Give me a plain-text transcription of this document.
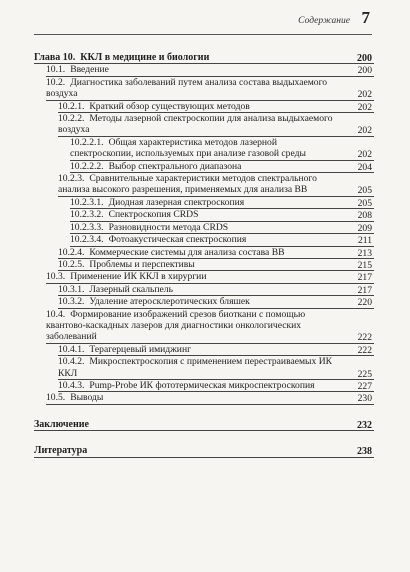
Содержание 7
Глава 10. ККЛ в медицине и биологии	200
10.1. Введение	200
10.2. Диагностика заболеваний путем анализа состава выдыхаемого воздуха	202
10.2.1. Краткий обзор существующих методов	202
10.2.2. Методы лазерной спектроскопии для анализа выдыхаемого воздуха	202
10.2.2.1. Общая характеристика методов лазерной спектроскопии, используемых при анализе газовой среды	202
10.2.2.2. Выбор спектрального диапазона	204
10.2.3. Сравнительные характеристики методов спектрального анализа высокого разрешения, применяемых для анализа ВВ	205
10.2.3.1. Диодная лазерная спектроскопия	205
10.2.3.2. Спектроскопия CRDS	208
10.2.3.3. Разновидности метода CRDS	209
10.2.3.4. Фотоакустическая спектроскопия	211
10.2.4. Коммерческие системы для анализа состава ВВ	213
10.2.5. Проблемы и перспективы	215
10.3. Применение ИК ККЛ в хирургии	217
10.3.1. Лазерный скальпель	217
10.3.2. Удаление атеросклеротических бляшек	220
10.4. Формирование изображений срезов биоткани с помощью квантово-каскадных лазеров для диагностики онкологических заболеваний	222
10.4.1. Терагерцевый имиджинг	222
10.4.2. Микроспектроскопия с применением перестраиваемых ИК ККЛ	225
10.4.3. Pump-Probe ИК фототермическая микроспектроскопия	227
10.5. Выводы	230
Заключение	232
Литература	238
